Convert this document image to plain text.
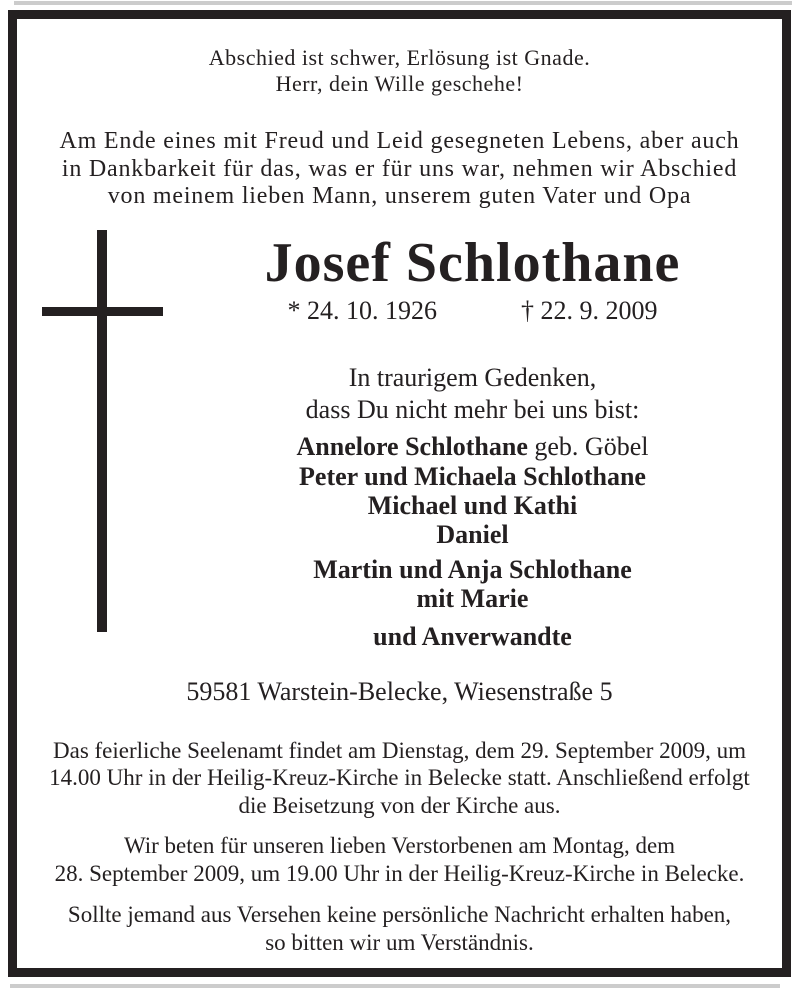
Abschied ist schwer, Erlösung ist Gnade.
Herr, dein Wille geschehe!
Am Ende eines mit Freud und Leid gesegneten Lebens, aber auch
in Dankbarkeit für das, was er für uns war, nehmen wir Abschied
von meinem lieben Mann, unserem guten Vater und Opa
Josef Schlothane
* 24. 10. 1926	† 22. 9. 2009
In traurigem Gedenken,
dass Du nicht mehr bei uns bist:
Annelore Schlothane geb. Göbel
Peter und Michaela Schlothane
Michael und Kathi
Daniel
Martin und Anja Schlothane
mit Marie
und Anverwandte
59581 Warstein-Belecke, Wiesenstraße 5
Das feierliche Seelenamt findet am Dienstag, dem 29. September 2009, um
14.00 Uhr in der Heilig-Kreuz-Kirche in Belecke statt. Anschließend erfolgt
die Beisetzung von der Kirche aus.
Wir beten für unseren lieben Verstorbenen am Montag, dem
28. September 2009, um 19.00 Uhr in der Heilig-Kreuz-Kirche in Belecke.
Sollte jemand aus Versehen keine persönliche Nachricht erhalten haben,
so bitten wir um Verständnis.
